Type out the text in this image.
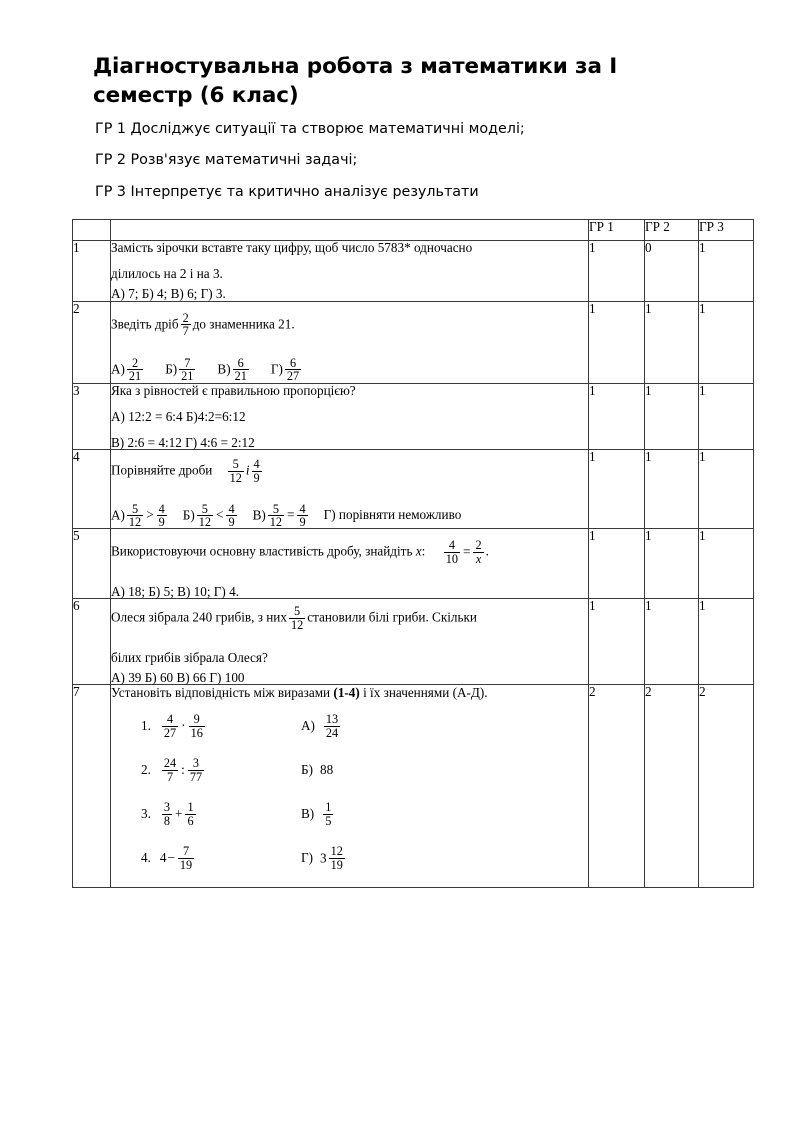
Діагностувальна робота з математики за І семестр (6 клас)
ГР 1 Досліджує ситуації та створює математичні моделі;
ГР 2 Розв'язує математичні задачі;
ГР 3 Інтерпретує та критично аналізує результати
		ГР 1	ГР 2	ГР 3
1	Замість зірочки вставте таку цифру, щоб число 5783* одночасно
ділилось на 2 і на 3.
А) 7; Б) 4; В) 6; Г) 3.	1	0	1
2	
Зведіть дріб $\frac{2}{7}$ до знаменника 21.
$А) \frac{2}{21} Б) \frac{7}{21} В) \frac{6}{21} Г) \frac{6}{27}$
	1	1	1
3	Яка з рівностей є правильною пропорцією?
А) 12:2 = 6:4 Б)4:2=6:12
В) 2:6 = 4:12 Г) 4:6 = 2:12	1	1	1
4	
Порівняйте дроби $\frac{5}{12}$ і $\frac{4}{9}$
$А) \frac{5}{12} > \frac{4}{9} Б) \frac{5}{12} < \frac{4}{9} В) \frac{5}{12} = \frac{4}{9} Г$) порівняти неможливо
	1	1	1
5	
Використовуючи основну властивість дробу, знайдіть x: $\frac{4}{10} = \frac{2}{x}$ .
А) 18; Б) 5; В) 10; Г) 4.
	1	1	1
6	
Олеся зібрала 240 грибів, з них $\frac{5}{12}$ становили білі гриби. Скільки
білих грибів зібрала Олеся?
А) 39 Б) 60 В) 66 Г) 100
	1	1	1
7	Установіть відповідність між виразами (1-4) і їх значеннями (А-Д).
1. $\frac{4}{27} \cdot \frac{9}{16}$	$А) \frac{13}{24}$
2. $\frac{24}{7}$ : $\frac{3}{77}$	Б) 88
3. $\frac{3}{8} + \frac{1}{6}$	$В) \frac{1}{5}$
4. $4 - \frac{7}{19}$	Г) $3 \frac{12}{19}$
	2	2	2
